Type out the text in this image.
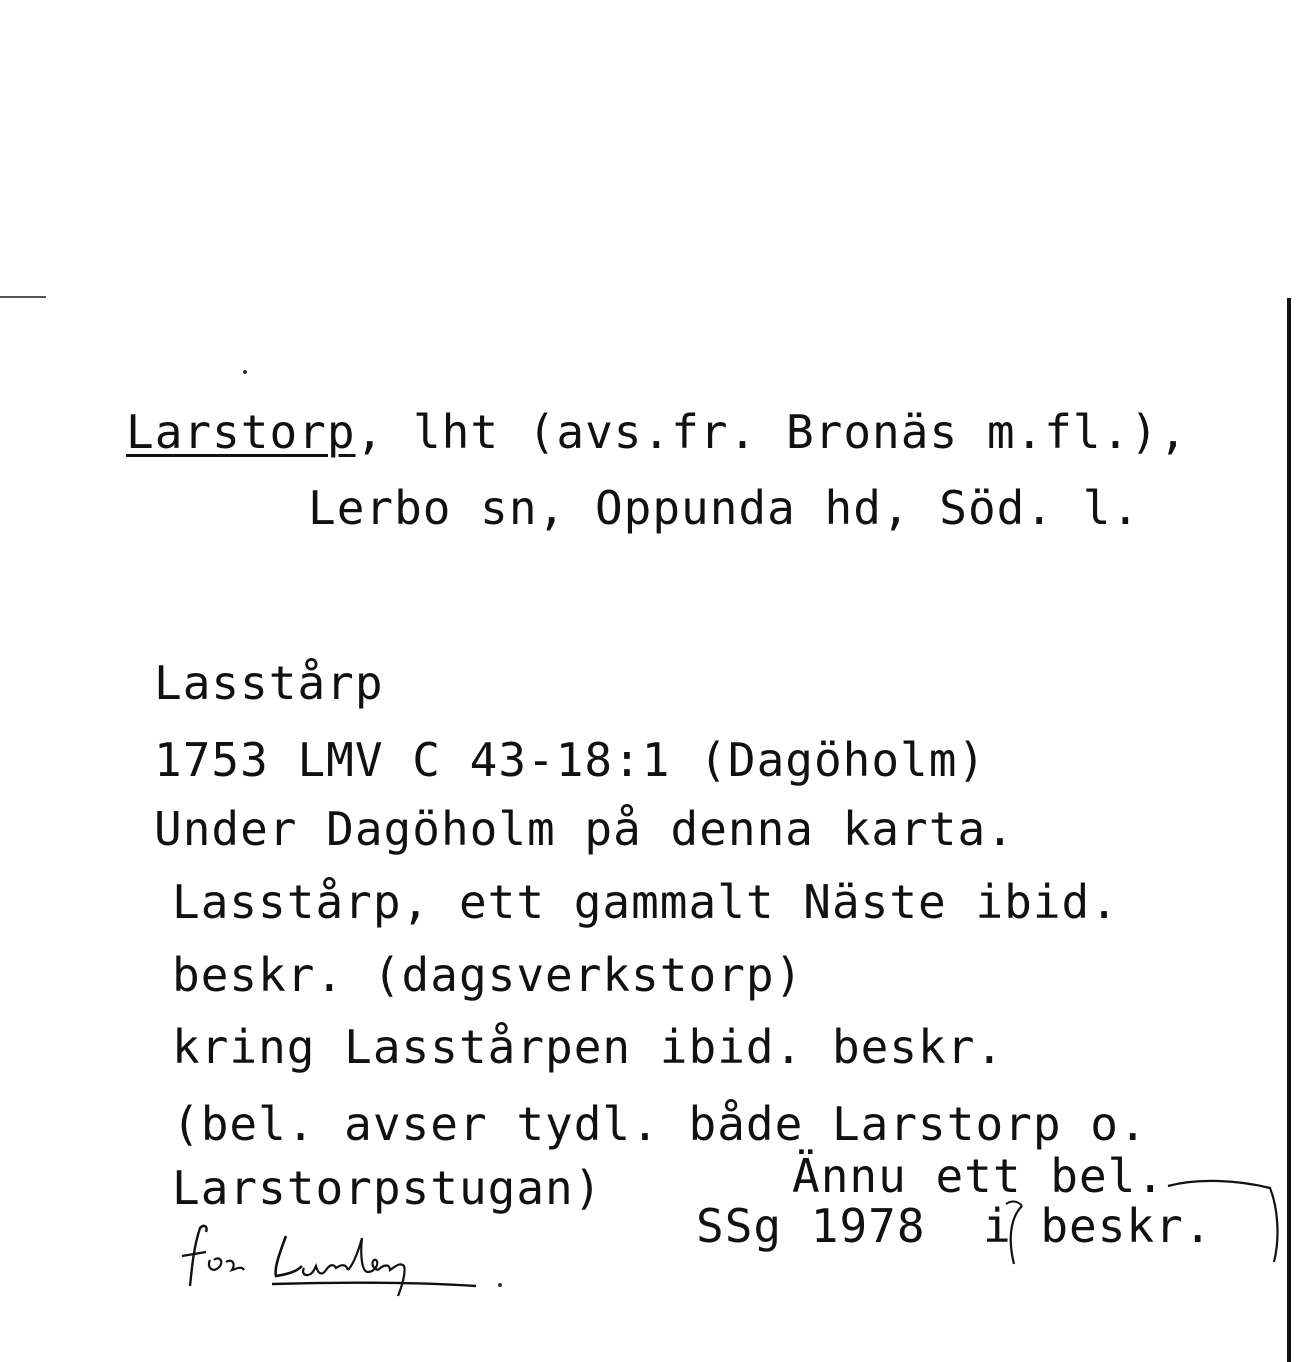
Larstorp, lht (avs.fr. Bronäs m.fl.),
Lerbo sn, Oppunda hd, Söd. l.
Lasstårp
1753 LMV C 43-18:1 (Dagöholm)
Under Dagöholm på denna karta.
Lasstårp, ett gammalt Näste ibid.
beskr. (dagsverkstorp)
kring Lasstårpen ibid. beskr.
(bel. avser tydl. både Larstorp o.
Larstorpstugan)	Ännu ett bel.
SSg 1978 i beskr.
